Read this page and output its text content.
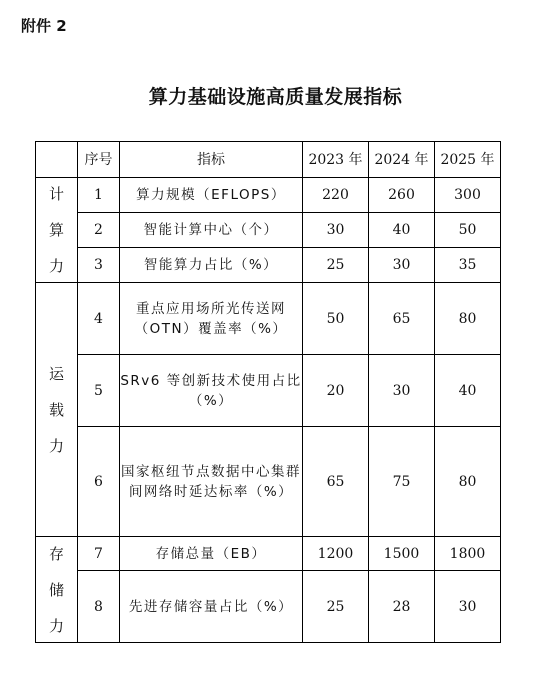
附件 2
算力基础设施高质量发展指标
	序号	指标	2023 年	2024 年	2025 年

计
算
力	1	算力规模（EFLOPS）	220	260	300
	2	智能计算中心（个）	30	40	50
	3	智能算力占比（%）	25	30	35

运
载
力	4	重点应用场所光传送网（OTN）覆盖率（%）	50	65	80
	5	SRv6 等创新技术使用占比（%）	20	30	40
	6	国家枢纽节点数据中心集群间网络时延达标率（%）	65	75	80

存
储
力	7	存储总量（EB）	1200	1500	1800
	8	先进存储容量占比（%）	25	28	30
